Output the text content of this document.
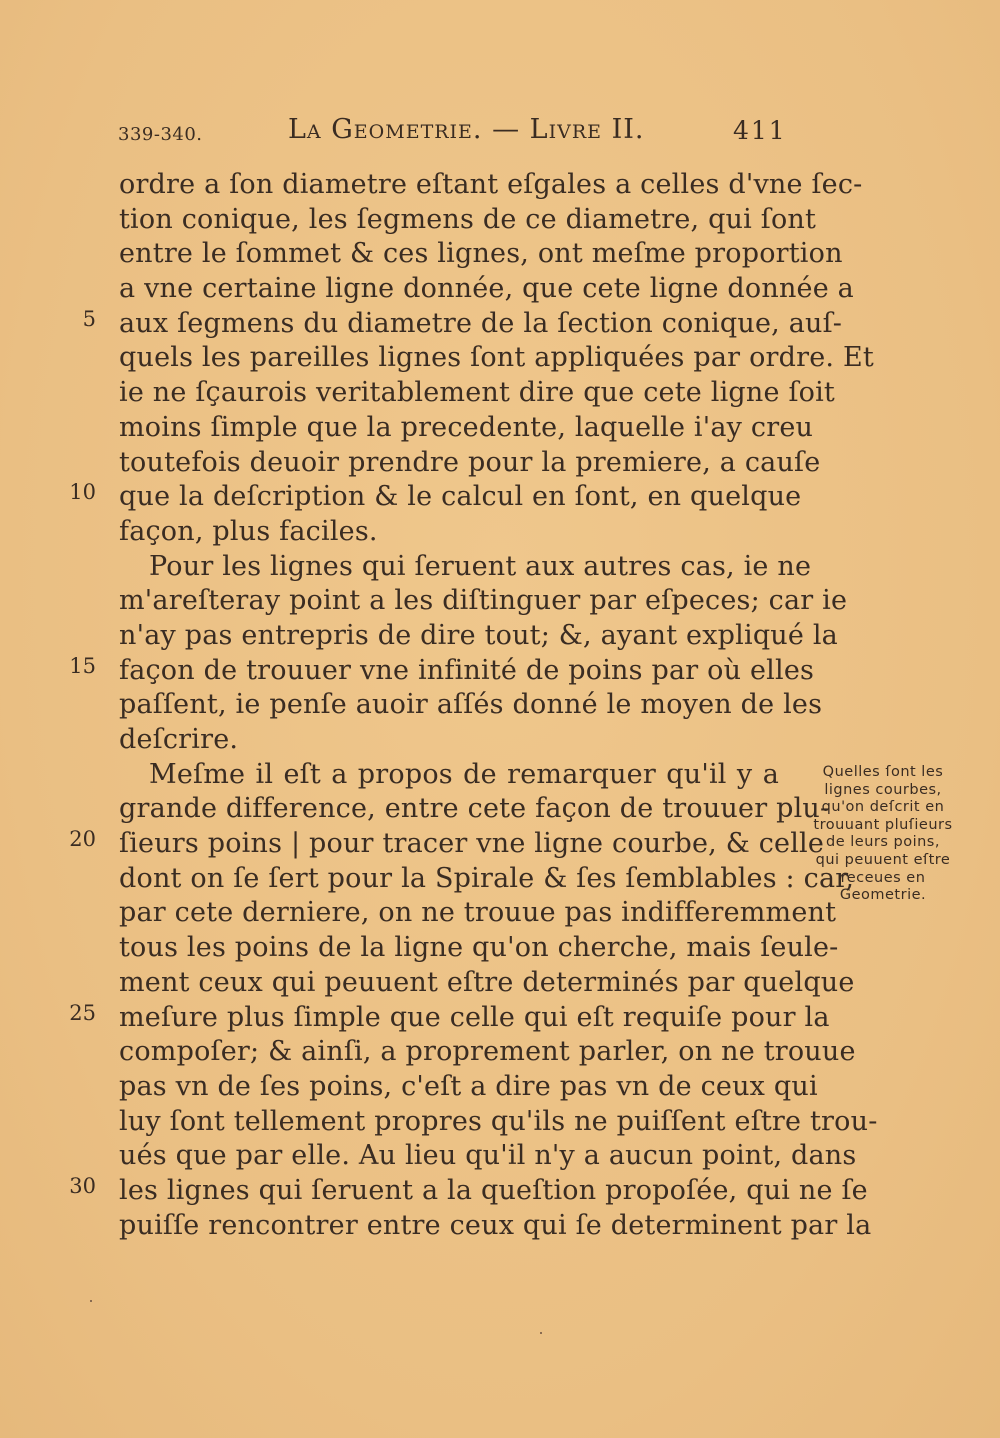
339-340.	La Geometrie. — Livre II.	411
ordre a ſon diametre eſtant eſgales a celles d'vne ſec-
tion conique, les ſegmens de ce diametre, qui ſont
entre le ſommet & ces lignes, ont meſme proportion
a vne certaine ligne donnée, que cete ligne donnée a
aux ſegmens du diametre de la ſection conique, auſ-
quels les pareilles lignes ſont appliquées par ordre. Et
ie ne ſçaurois veritablement dire que cete ligne ſoit
moins ſimple que la precedente, laquelle i'ay creu
toutefois deuoir prendre pour la premiere, a cauſe
que la deſcription & le calcul en ſont, en quelque
façon, plus faciles.
Pour les lignes qui ſeruent aux autres cas, ie ne
m'areſteray point a les diſtinguer par eſpeces; car ie
n'ay pas entrepris de dire tout; &, ayant expliqué la
façon de trouuer vne infinité de poins par où elles
paſſent, ie penſe auoir aſſés donné le moyen de les
deſcrire.
Meſme il eſt a propos de remarquer qu'il y a
grande difference, entre cete façon de trouuer plu-
ſieurs poins | pour tracer vne ligne courbe, & celle
dont on ſe ſert pour la Spirale & ſes ſemblables : car,
par cete derniere, on ne trouue pas indifferemment
tous les poins de la ligne qu'on cherche, mais ſeule-
ment ceux qui peuuent eſtre determinés par quelque
meſure plus ſimple que celle qui eſt requiſe pour la
compoſer; & ainſi, a proprement parler, on ne trouue
pas vn de ſes poins, c'eſt a dire pas vn de ceux qui
luy ſont tellement propres qu'ils ne puiſſent eſtre trou-
ués que par elle. Au lieu qu'il n'y a aucun point, dans
les lignes qui ſeruent a la queſtion propoſée, qui ne ſe
puiſſe rencontrer entre ceux qui ſe determinent par la
5
10
15
20
25
30
Quelles ſont les
lignes courbes,
qu'on deſcrit en
trouuant pluſieurs
de leurs poins,
qui peuuent eſtre
receues en
Geometrie.
